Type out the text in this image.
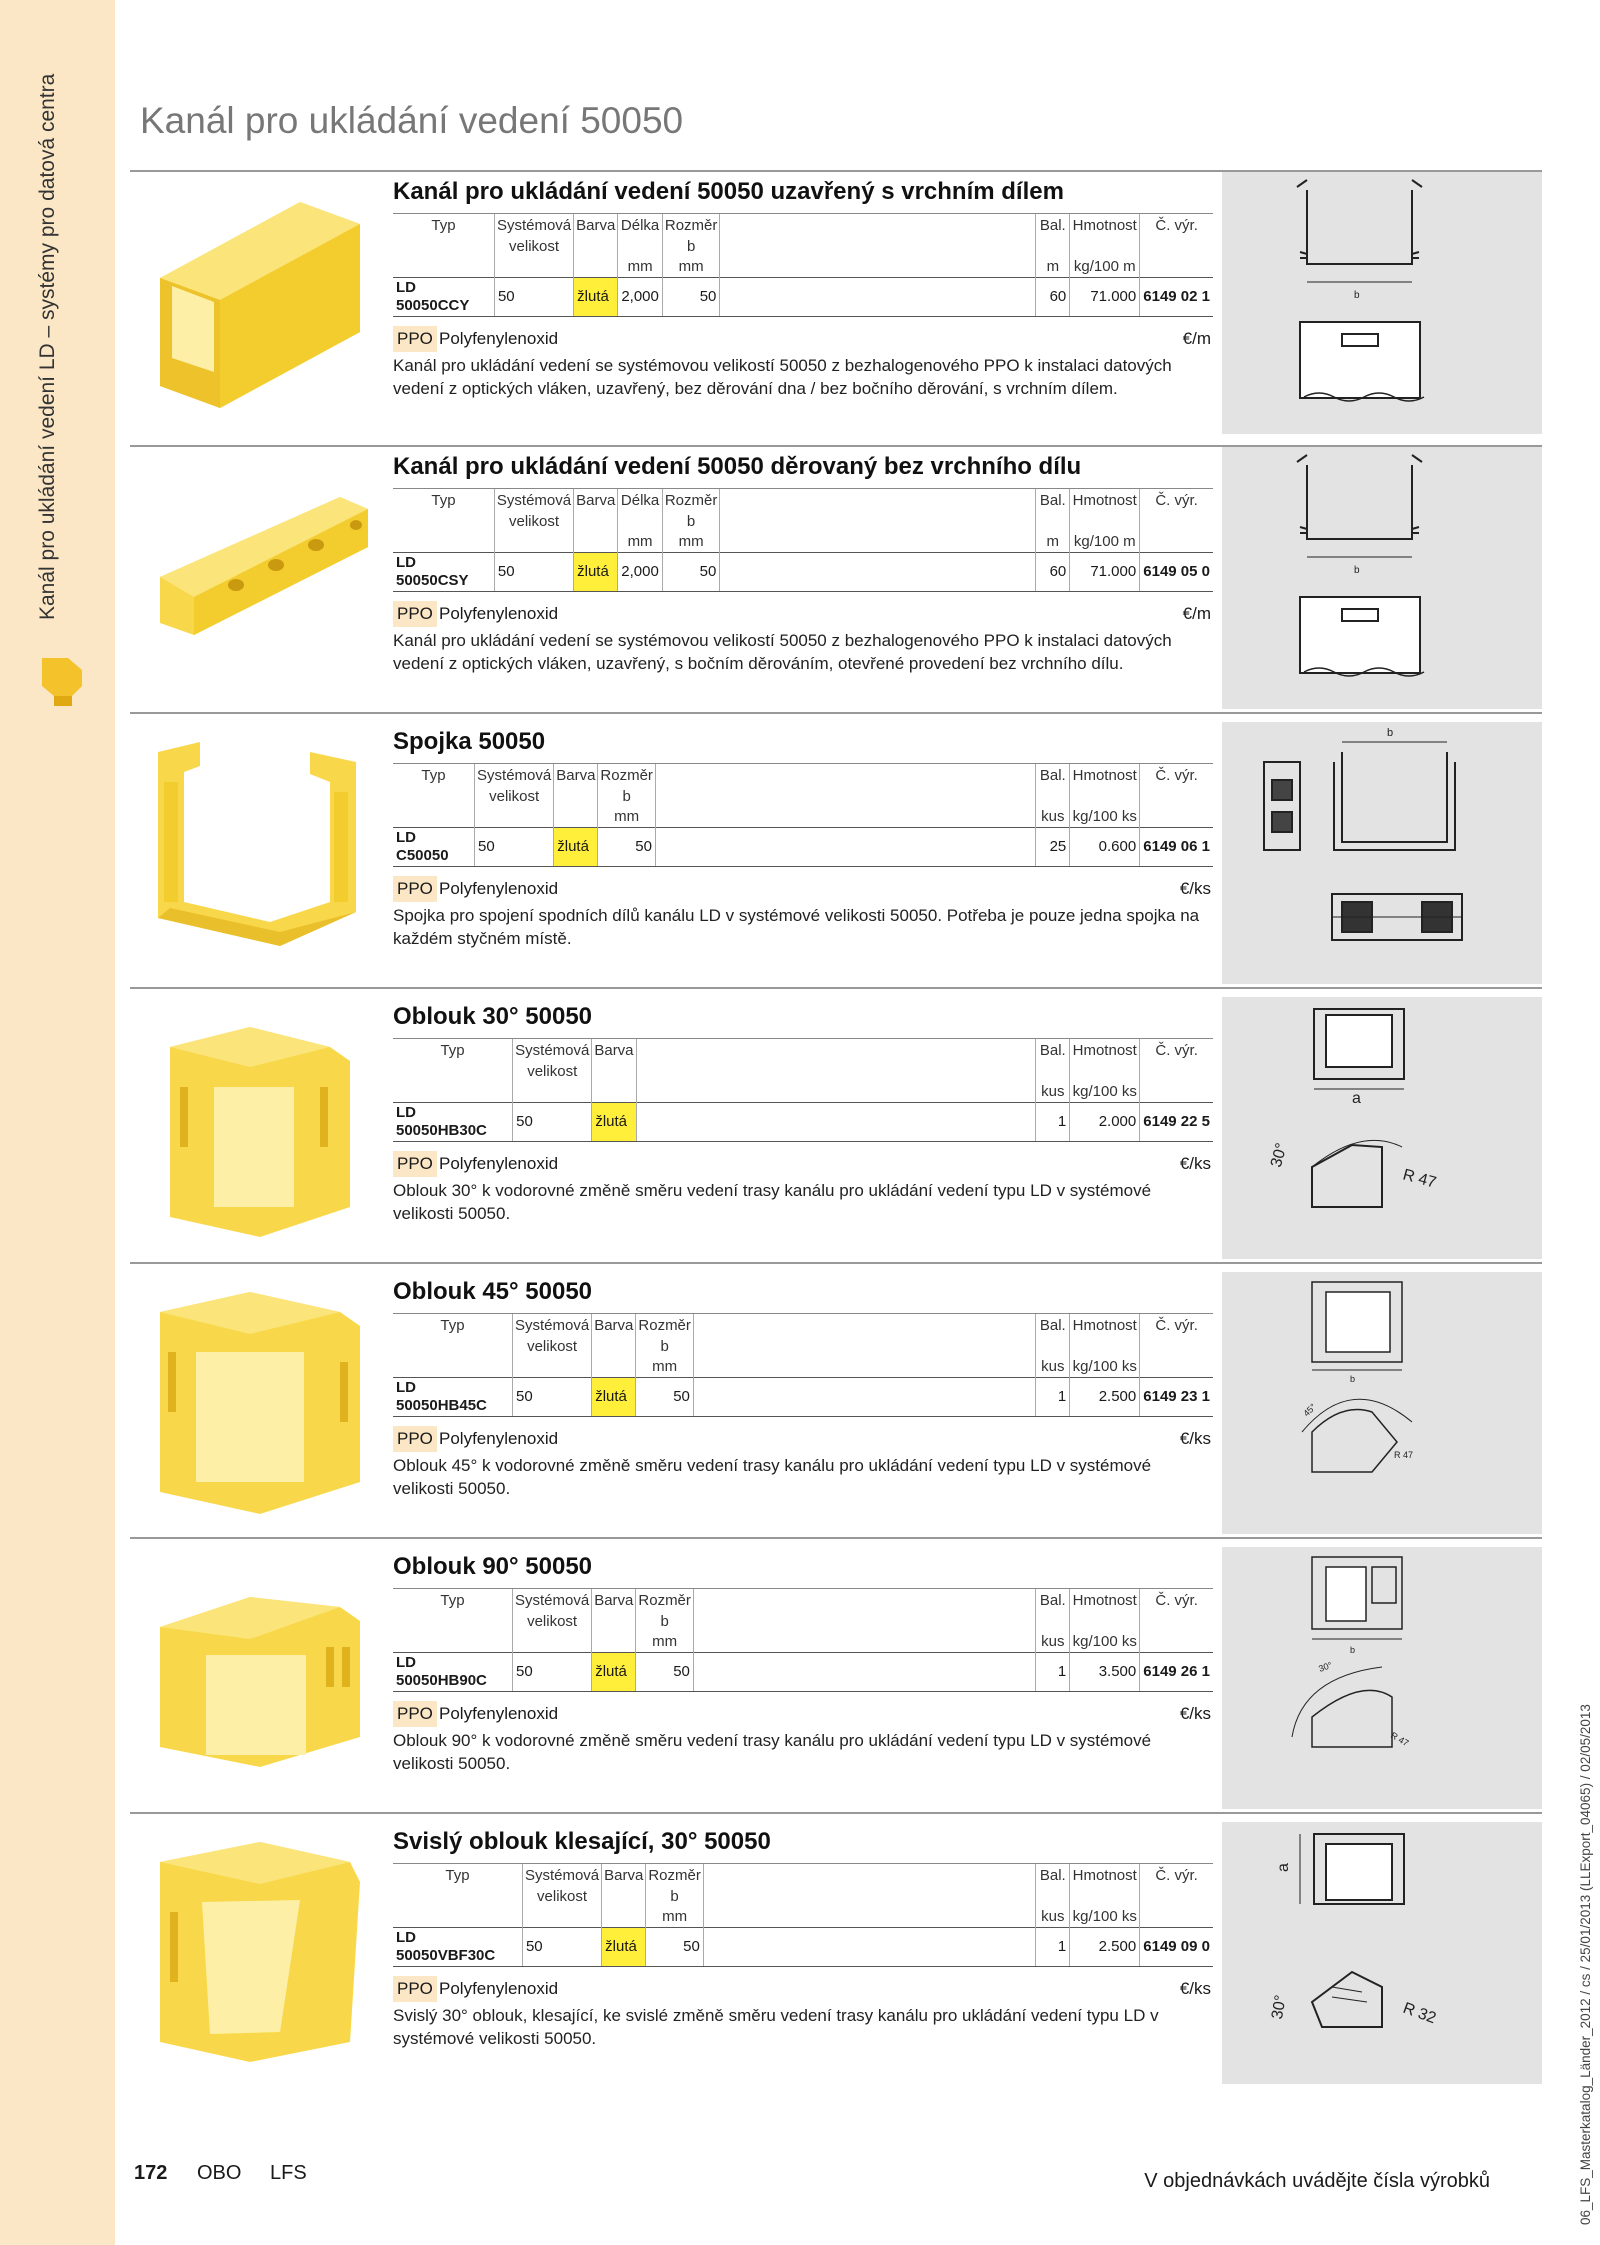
Kanál pro ukládání vedení LD – systémy pro datová centra Kanál pro ukládání vedení 50050
Kanál pro ukládání vedení 50050 uzavřený s vrchním dílem
Typ	Systémová velikost	Barva	Délka	Rozměr b		Bal.	Hmotnost	Č. výr.
			mm	mm		m	kg/100 m	
LD 50050CCY	50	žlutá	2,000	50		60	71.000	6149 02 1
PPO Polyfenylenoxid	€/m

Kanál pro ukládání vedení se systémovou velikostí 50050 z bezhalogenového PPO k instalaci datových vedení z optických vláken, uzavřený, bez děrování dna / bez bočního děrování, s vrchním dílem.

b
Kanál pro ukládání vedení 50050 děrovaný bez vrchního dílu
Typ	Systémová velikost	Barva	Délka	Rozměr b		Bal.	Hmotnost	Č. výr.
			mm	mm		m	kg/100 m	
LD 50050CSY	50	žlutá	2,000	50		60	71.000	6149 05 0
PPO Polyfenylenoxid	€/m

Kanál pro ukládání vedení se systémovou velikostí 50050 z bezhalogenového PPO k instalaci datových vedení z optických vláken, uzavřený, s bočním děrováním, otevřené provedení bez vrchního dílu.

b
Spojka 50050
Typ	Systémová velikost	Barva	Rozměr b		Bal.	Hmotnost	Č. výr.
			mm		kus	kg/100 ks	
LD C50050	50	žlutá	50		25	0.600	6149 06 1
PPO Polyfenylenoxid	€/ks

Spojka pro spojení spodních dílů kanálu LD v systémové velikosti 50050. Potřeba je pouze jedna spojka na každém styčném místě.

b
Oblouk 30° 50050
Typ	Systémová velikost	Barva		Bal.	Hmotnost	Č. výr.
				kus	kg/100 ks	
LD 50050HB30C	50	žlutá		1	2.000	6149 22 5
PPO Polyfenylenoxid	€/ks

Oblouk 30° k vodorovné změně směru vedení trasy kanálu pro ukládání vedení typu LD v systémové velikosti 50050.

a
30°
R 47
Oblouk 45° 50050
Typ	Systémová velikost	Barva	Rozměr b		Bal.	Hmotnost	Č. výr.
			mm		kus	kg/100 ks	
LD 50050HB45C	50	žlutá	50		1	2.500	6149 23 1
PPO Polyfenylenoxid	€/ks

Oblouk 45° k vodorovné změně směru vedení trasy kanálu pro ukládání vedení typu LD v systémové velikosti 50050.

b
45°
R 47
Oblouk 90° 50050
Typ	Systémová velikost	Barva	Rozměr b		Bal.	Hmotnost	Č. výr.
			mm		kus	kg/100 ks	
LD 50050HB90C	50	žlutá	50		1	3.500	6149 26 1
PPO Polyfenylenoxid	€/ks

Oblouk 90° k vodorovné změně směru vedení trasy kanálu pro ukládání vedení typu LD v systémové velikosti 50050.

b
30°
R 47
Svislý oblouk klesající, 30° 50050
Typ	Systémová velikost	Barva	Rozměr b		Bal.	Hmotnost	Č. výr.
			mm		kus	kg/100 ks	
LD 50050VBF30C	50	žlutá	50		1	2.500	6149 09 0
PPO Polyfenylenoxid	€/ks

Svislý 30° oblouk, klesající, ke svislé změně směru vedení trasy kanálu pro ukládání vedení typu LD v systémové velikosti 50050.

a
30°	R 32
172 OBO LFS	V objednávkách uvádějte čísla výrobků	06_LFS_Masterkatalog_Länder_2012 / cs / 25/01/2013 (LLExport_04065) / 02/05/2013
